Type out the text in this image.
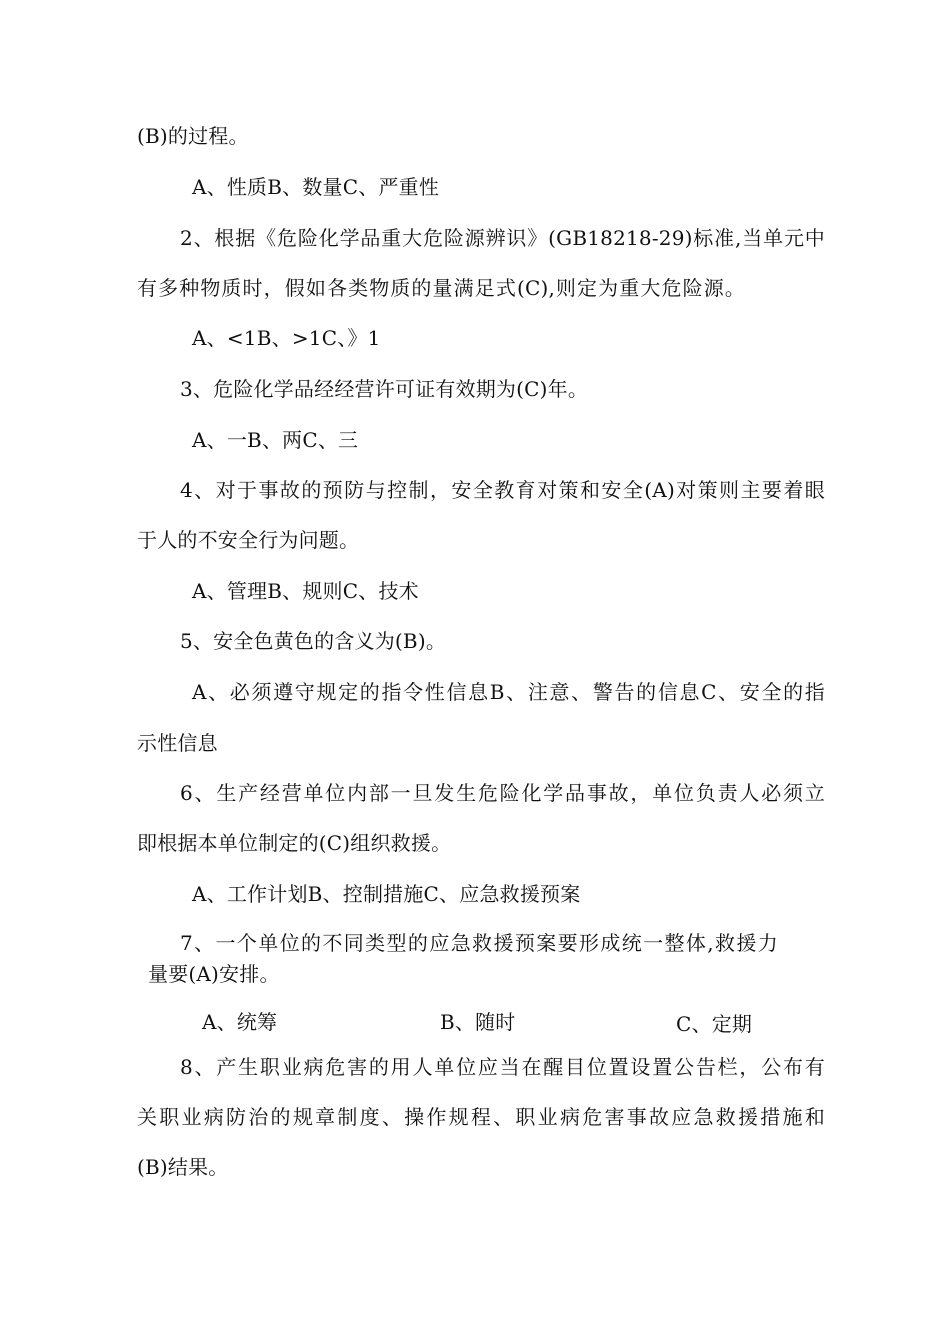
(B)的过程。
A、性质B、数量C、严重性
2、根据《危险化学品重大危险源辨识》(GB18218-29)标准,当单元中
有多种物质时，假如各类物质的量满足式(C),则定为重大危险源。
A、<1B、>1C、》1
3、危险化学品经经营许可证有效期为(C)年。
A、一B、两C、三
4、对于事故的预防与控制，安全教育对策和安全(A)对策则主要着眼
于人的不安全行为问题。
A、管理B、规则C、技术
5、安全色黄色的含义为(B)。
A、必须遵守规定的指令性信息B、注意、警告的信息C、安全的指
示性信息
6、生产经营单位内部一旦发生危险化学品事故，单位负责人必须立
即根据本单位制定的(C)组织救援。
A、工作计划B、控制措施C、应急救援预案
7、一个单位的不同类型的应急救援预案要形成统一整体,救援力
量要(A)安排。
A、统筹	B、随时	C、定期
8、产生职业病危害的用人单位应当在醒目位置设置公告栏，公布有
关职业病防治的规章制度、操作规程、职业病危害事故应急救援措施和
(B)结果。
